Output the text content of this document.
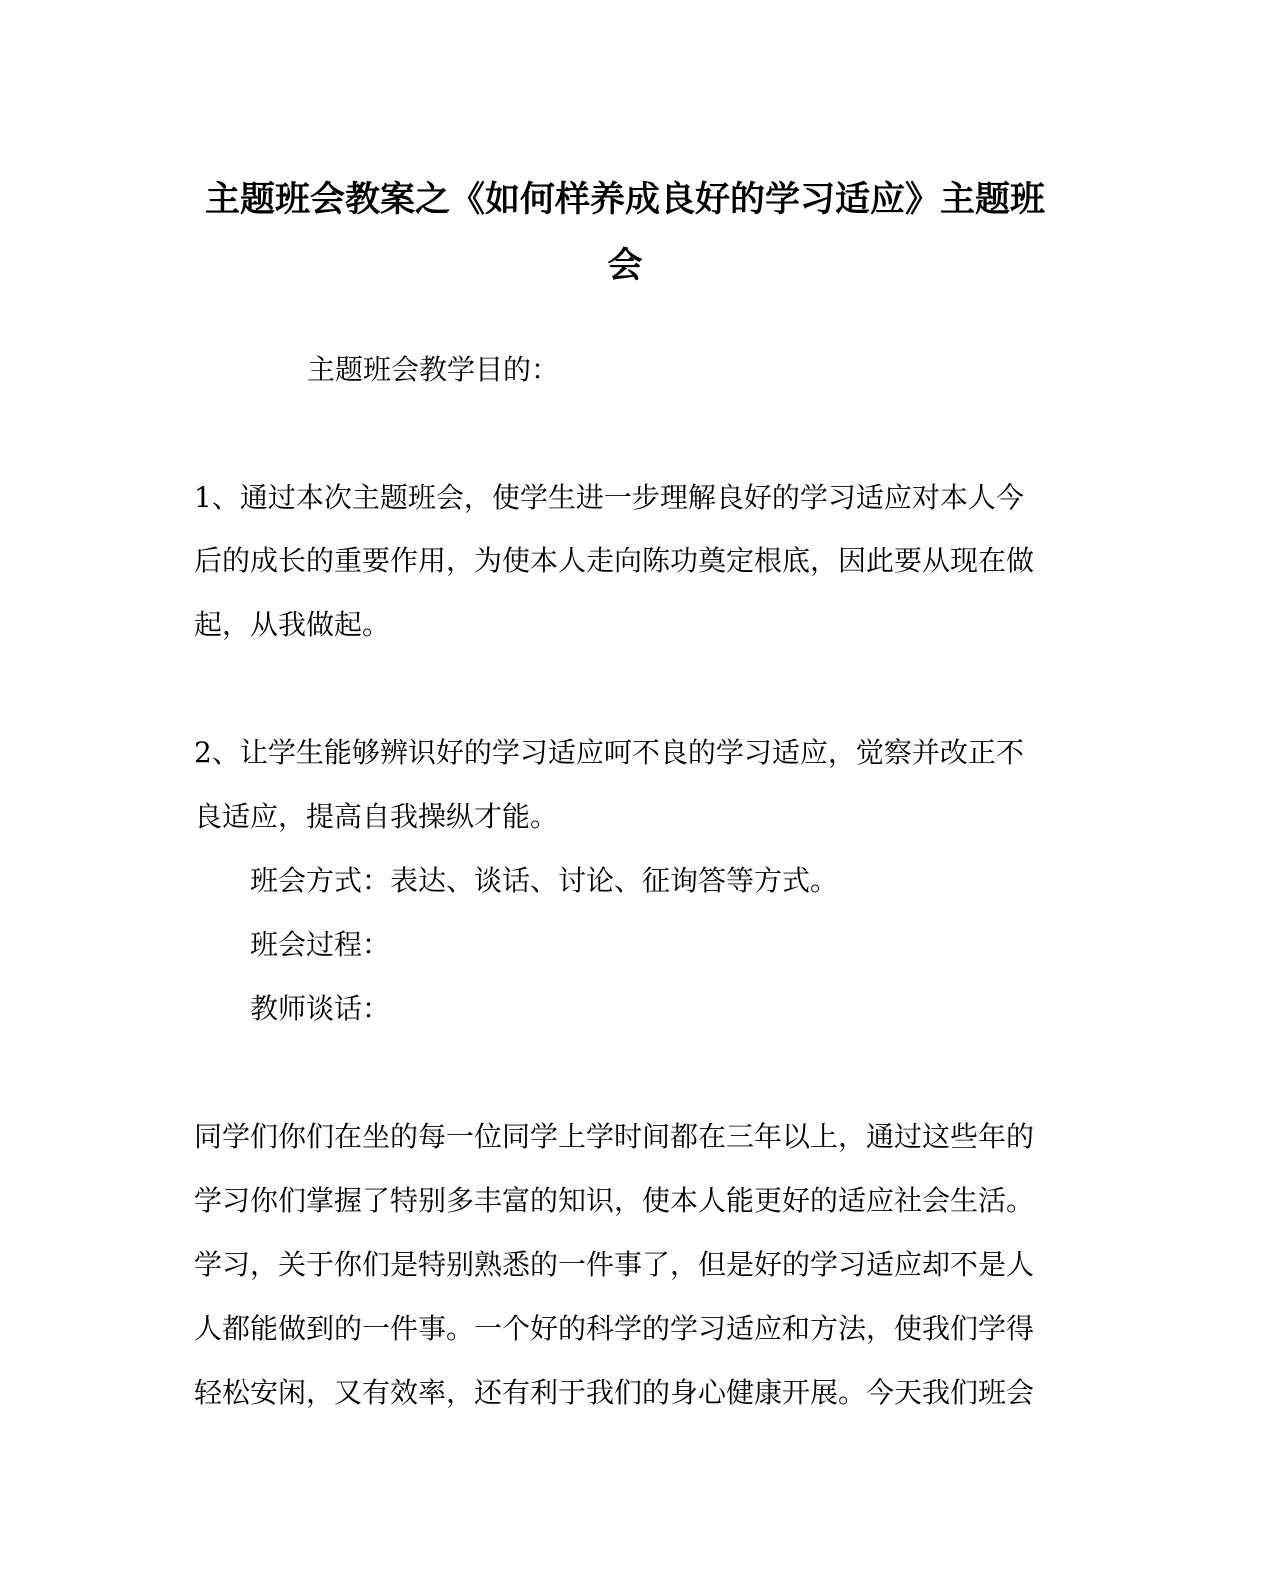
主题班会教案之《如何样养成良好的学习适应》主题班会

主题班会教学目的：

1、通过本次主题班会，使学生进一步理解良好的学习适应对本人今

后的成长的重要作用，为使本人走向陈功奠定根底，因此要从现在做

起，从我做起。

2、让学生能够辨识好的学习适应呵不良的学习适应，觉察并改正不

良适应，提高自我操纵才能。

班会方式：表达、谈话、讨论、征询答等方式。

班会过程：

教师谈话：

同学们你们在坐的每一位同学上学时间都在三年以上，通过这些年的

学习你们掌握了特别多丰富的知识，使本人能更好的适应社会生活。

学习，关于你们是特别熟悉的一件事了，但是好的学习适应却不是人

人都能做到的一件事。一个好的科学的学习适应和方法，使我们学得

轻松安闲，又有效率，还有利于我们的身心健康开展。今天我们班会
